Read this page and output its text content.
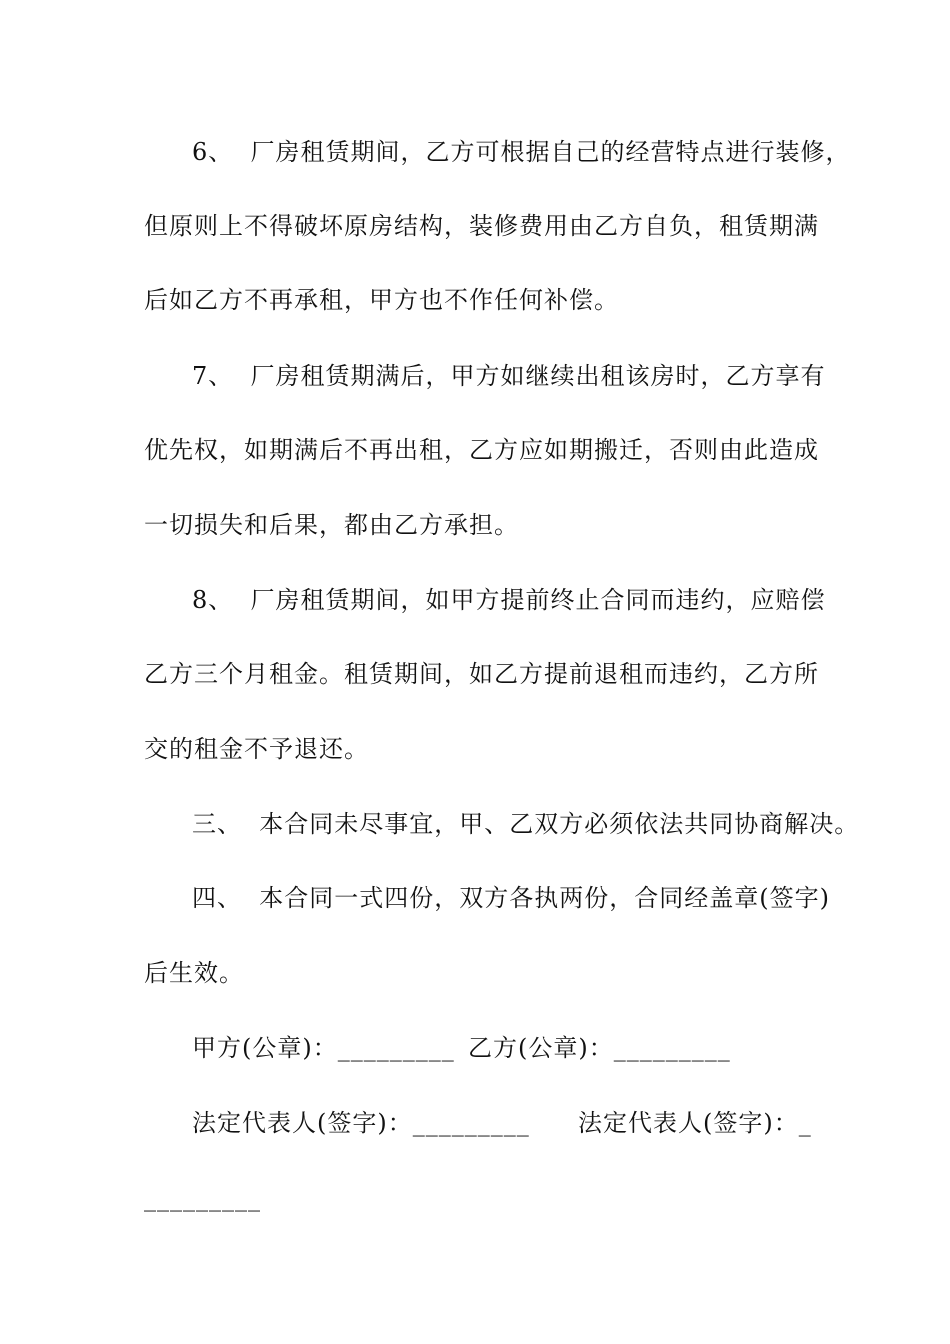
6、  厂房租赁期间，乙方可根据自己的经营特点进行装修，
但原则上不得破坏原房结构，装修费用由乙方自负，租赁期满
后如乙方不再承租，甲方也不作任何补偿。
7、  厂房租赁期满后，甲方如继续出租该房时，乙方享有
优先权，如期满后不再出租，乙方应如期搬迁，否则由此造成
一切损失和后果，都由乙方承担。
8、  厂房租赁期间，如甲方提前终止合同而违约，应赔偿
乙方三个月租金。租赁期间，如乙方提前退租而违约，乙方所
交的租金不予退还。
三、  本合同未尽事宜，甲、乙双方必须依法共同协商解决。
四、  本合同一式四份，双方各执两份，合同经盖章(签字)
后生效。
甲方(公章)：_________ 乙方(公章)：_________
法定代表人(签字)：_________ 法定代表人(签字)：_
_________
